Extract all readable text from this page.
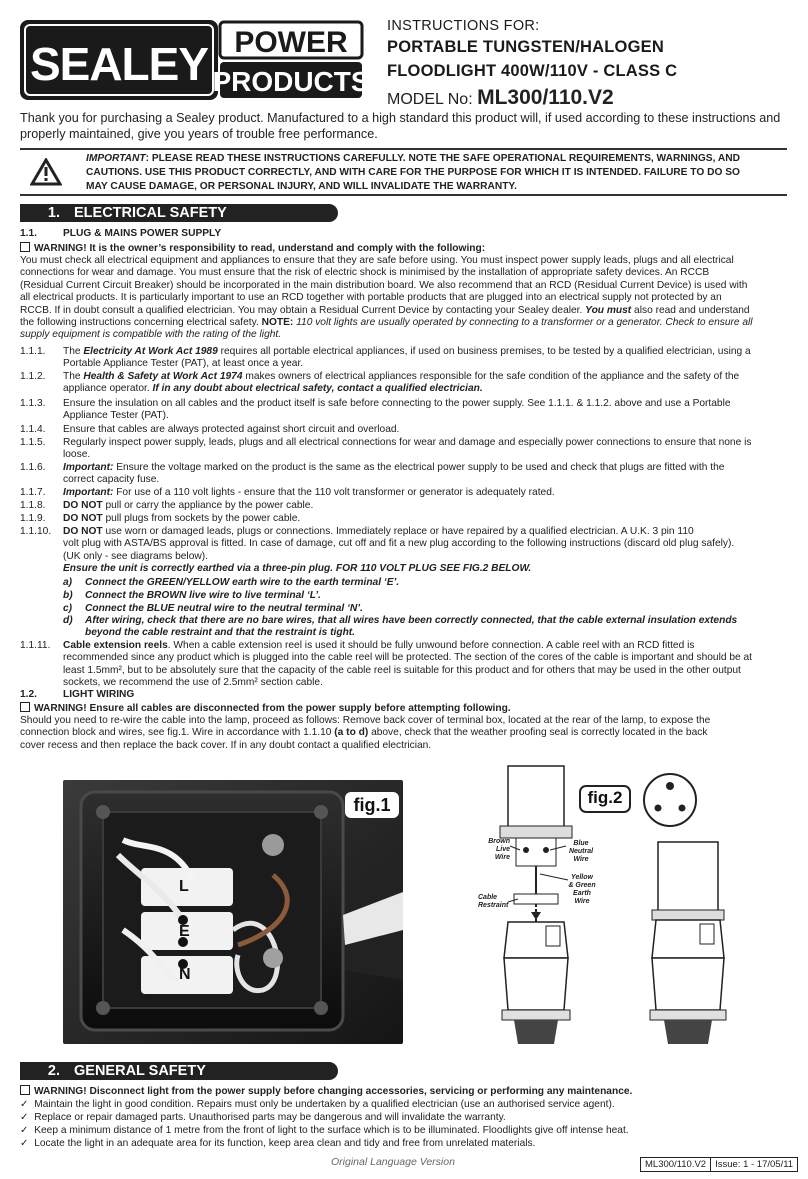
SEALEY POWER
PRODUCTS
INSTRUCTIONS FOR:
PORTABLE TUNGSTEN/HALOGEN
FLOODLIGHT 400W/110V - CLASS C
MODEL No: ML300/110.V2
Thank you for purchasing a Sealey product. Manufactured to a high standard this product will, if used according to these instructions and
properly maintained, give you years of trouble free performance.
IMPORTANT: PLEASE READ THESE INSTRUCTIONS CAREFULLY. NOTE THE SAFE OPERATIONAL REQUIREMENTS, WARNINGS, AND
CAUTIONS. USE THIS PRODUCT CORRECTLY, AND WITH CARE FOR THE PURPOSE FOR WHICH IT IS INTENDED. FAILURE TO DO SO
MAY CAUSE DAMAGE, OR PERSONAL INJURY, AND WILL INVALIDATE THE WARRANTY.
1. ELECTRICAL SAFETY
1.1.	PLUG & MAINS POWER SUPPLY
WARNING! It is the owner’s responsibility to read, understand and comply with the following:
You must check all electrical equipment and appliances to ensure that they are safe before using. You must inspect power supply leads, plugs and all electrical
connections for wear and damage. You must ensure that the risk of electric shock is minimised by the installation of appropriate safety devices. An RCCB
(Residual Current Circuit Breaker) should be incorporated in the main distribution board. We also recommend that an RCD (Residual Current Device) is used with
all electrical products. It is particularly important to use an RCD together with portable products that are plugged into an electrical supply not protected by an
RCCB. If in doubt consult a qualified electrician. You may obtain a Residual Current Device by contacting your Sealey dealer. You must also read and understand
the following instructions concerning electrical safety. NOTE: 110 volt lights are usually operated by connecting to a transformer or a generator. Check to ensure all
supply equipment is compatible with the rating of the light.
1.1.1.	The Electricity At Work Act 1989 requires all portable electrical appliances, if used on business premises, to be tested by a qualified electrician, using a
Portable Appliance Tester (PAT), at least once a year.
1.1.2.	The Health & Safety at Work Act 1974 makes owners of electrical appliances responsible for the safe condition of the appliance and the safety of the
appliance operator. If in any doubt about electrical safety, contact a qualified electrician.
1.1.3.	Ensure the insulation on all cables and the product itself is safe before connecting to the power supply. See 1.1.1. & 1.1.2. above and use a Portable
Appliance Tester (PAT).
1.1.4.	Ensure that cables are always protected against short circuit and overload.
1.1.5.	Regularly inspect power supply, leads, plugs and all electrical connections for wear and damage and especially power connections to ensure that none is
loose.
1.1.6.	Important: Ensure the voltage marked on the product is the same as the electrical power supply to be used and check that plugs are fitted with the
correct capacity fuse.
1.1.7.	Important: For use of a 110 volt lights - ensure that the 110 volt transformer or generator is adequately rated.
1.1.8.	DO NOT pull or carry the appliance by the power cable.
1.1.9.	DO NOT pull plugs from sockets by the power cable.
1.1.10.	DO NOT use worn or damaged leads, plugs or connections. Immediately replace or have repaired by a qualified electrician. A U.K. 3 pin 110
volt plug with ASTA/BS approval is fitted. In case of damage, cut off and fit a new plug according to the following instructions (discard old plug safely).
(UK only - see diagrams below).
Ensure the unit is correctly earthed via a three-pin plug. FOR 110 VOLT PLUG SEE FIG.2 BELOW.
a) Connect the GREEN/YELLOW earth wire to the earth terminal ‘E’.
b) Connect the BROWN live wire to live terminal ‘L’.
c) Connect the BLUE neutral wire to the neutral terminal ‘N’.
d) After wiring, check that there are no bare wires, that all wires have been correctly connected, that the cable external insulation extends
beyond the cable restraint and that the restraint is tight.
1.1.11.	Cable extension reels. When a cable extension reel is used it should be fully unwound before connection. A cable reel with an RCD fitted is
recommended since any product which is plugged into the cable reel will be protected. The section of the cores of the cable is important and should be at
least 1.5mm², but to be absolutely sure that the capacity of the cable reel is suitable for this product and for others that may be used in the other output
sockets, we recommend the use of 2.5mm² section cable.
1.2.	LIGHT WIRING
WARNING! Ensure all cables are disconnected from the power supply before attempting following.
Should you need to re-wire the cable into the lamp, proceed as follows: Remove back cover of terminal box, located at the rear of the lamp, to expose the
connection block and wires, see fig.1. Wire in accordance with 1.1.10 (a to d) above, check that the weather proofing seal is correctly located in the back
cover recess and then replace the back cover. If in any doubt contact a qualified electrician.
L
E
N
fig.1	fig.2
Brown
Live
Wire
Blue
Neutral
Wire
Yellow
& Green
Earth
Wire
Cable
Restraint
2. GENERAL SAFETY
WARNING! Disconnect light from the power supply before changing accessories, servicing or performing any maintenance.
✓ Maintain the light in good condition. Repairs must only be undertaken by a qualified electrician (use an authorised service agent).
✓ Replace or repair damaged parts. Unauthorised parts may be dangerous and will invalidate the warranty.
✓ Keep a minimum distance of 1 metre from the front of light to the surface which is to be illuminated. Floodlights give off intense heat.
✓ Locate the light in an adequate area for its function, keep area clean and tidy and free from unrelated materials.
Original Language Version	ML300/110.V2 Issue: 1 - 17/05/11
